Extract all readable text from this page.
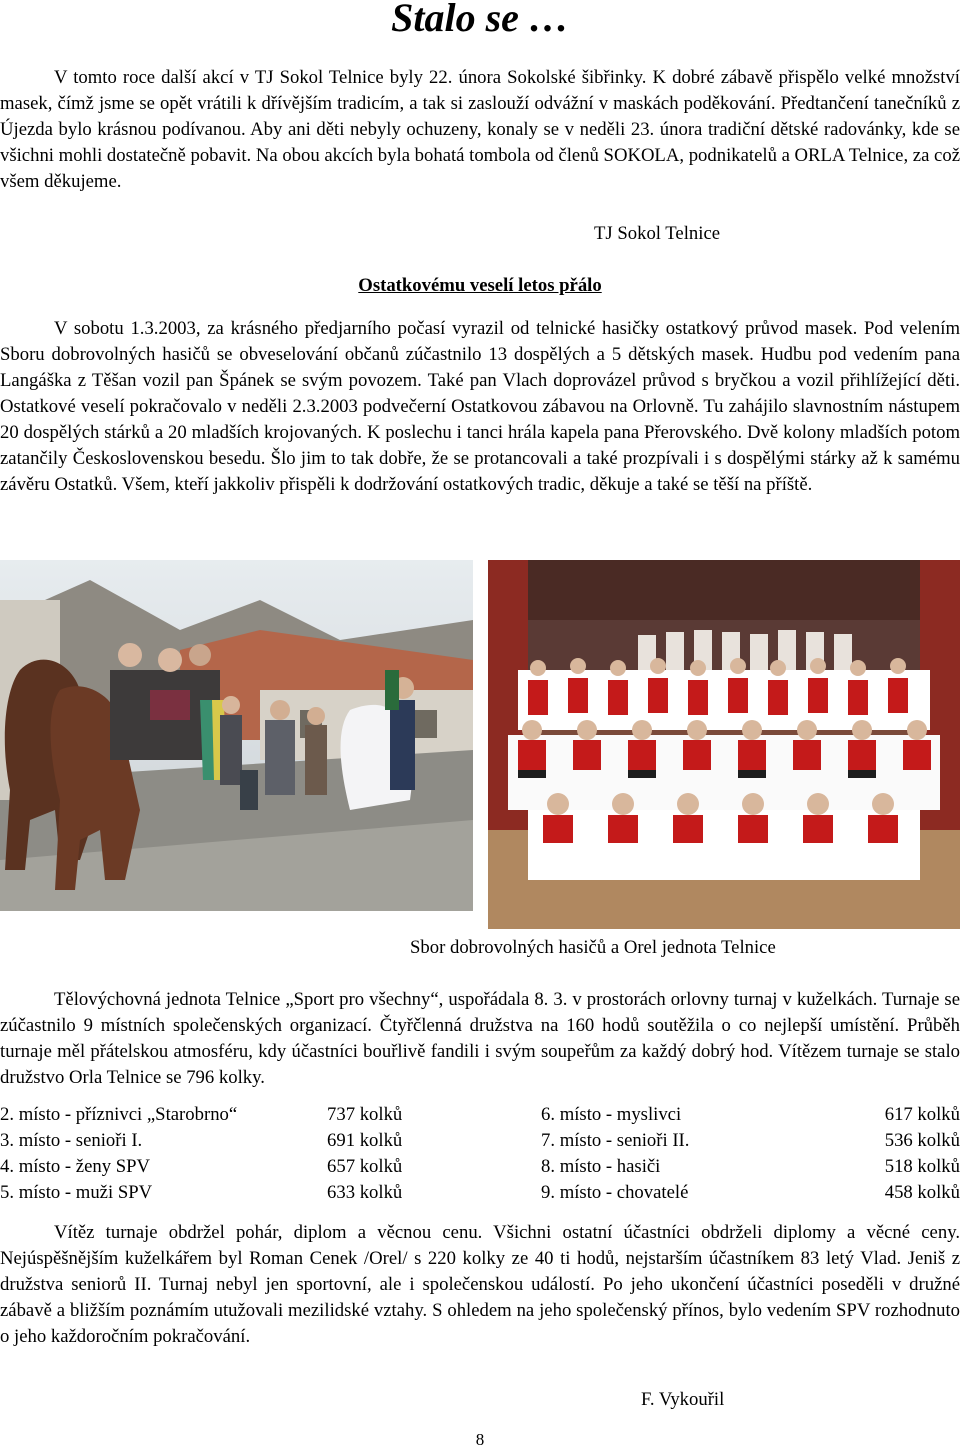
Stalo se …
V tomto roce další akcí v TJ Sokol Telnice byly 22. února Sokolské šibřinky. K dobré zábavě přispělo velké množství masek, čímž jsme se opět vrátili k dřívějším tradicím, a tak si zaslouží odvážní v maskách poděkování. Předtančení tanečníků z Újezda bylo krásnou podívanou. Aby ani děti nebyly ochuzeny, konaly se v neděli 23. února tradiční dětské radovánky, kde se všichni mohli dostatečně pobavit. Na obou akcích byla bohatá tombola od členů SOKOLA, podnikatelů a ORLA Telnice, za což všem děkujeme.
TJ Sokol Telnice
Ostatkovému veselí letos přálo
V sobotu 1.3.2003, za krásného předjarního počasí vyrazil od telnické hasičky ostatkový průvod masek. Pod velením Sboru dobrovolných hasičů se obveselování občanů zúčastnilo 13 dospělých a 5 dětských masek. Hudbu pod vedením pana Langáška z Těšan vozil pan Špánek se svým povozem. Také pan Vlach doprovázel průvod s bryčkou a vozil přihlížející děti. Ostatkové veselí pokračovalo v neděli 2.3.2003 podvečerní Ostatkovou zábavou na Orlovně. Tu zahájilo slavnostním nástupem 20 dospělých stárků a 20 mladších krojovaných. K poslechu i tanci hrála kapela pana Přerovského. Dvě kolony mladších potom zatančily Československou besedu. Šlo jim to tak dobře, že se protancovali a také prozpívali i s dospělými stárky až k samému závěru Ostatků. Všem, kteří jakkoliv přispěli k dodržování ostatkových tradic, děkuje a také se těší na příště.
Sbor dobrovolných hasičů a Orel jednota Telnice
Tělovýchovná jednota Telnice „Sport pro všechny“, uspořádala 8. 3. v prostorách orlovny turnaj v kuželkách. Turnaje se zúčastnilo 9 místních společenských organizací. Čtyřčlenná družstva na 160 hodů soutěžila o co nejlepší umístění. Průběh turnaje měl přátelskou atmosféru, kdy účastníci bouřlivě fandili i svým soupeřům za každý dobrý hod. Vítězem turnaje se stalo družstvo Orla Telnice se 796 kolky.
2. místo - příznivci „Starobrno“	737 kolků	6. místo - myslivci	617 kolků
3. místo - senioři I.	691 kolků	7. místo - senioři II.	536 kolků
4. místo - ženy SPV	657 kolků	8. místo - hasiči	518 kolků
5. místo - muži SPV	633 kolků	9. místo - chovatelé	458 kolků
Vítěz turnaje obdržel pohár, diplom a věcnou cenu. Všichni ostatní účastníci obdrželi diplomy a věcné ceny. Nejúspěšnějším kuželkářem byl Roman Cenek /Orel/ s 220 kolky ze 40 ti hodů, nejstarším účastníkem 83 letý Vlad. Jeniš z družstva seniorů II. Turnaj nebyl jen sportovní, ale i společenskou událostí. Po jeho ukončení účastníci poseděli v družné zábavě a bližším poznámím utužovali mezilidské vztahy. S ohledem na jeho společenský přínos, bylo vedením SPV rozhodnuto o jeho každoročním pokračování.
F. Vykouřil
8
